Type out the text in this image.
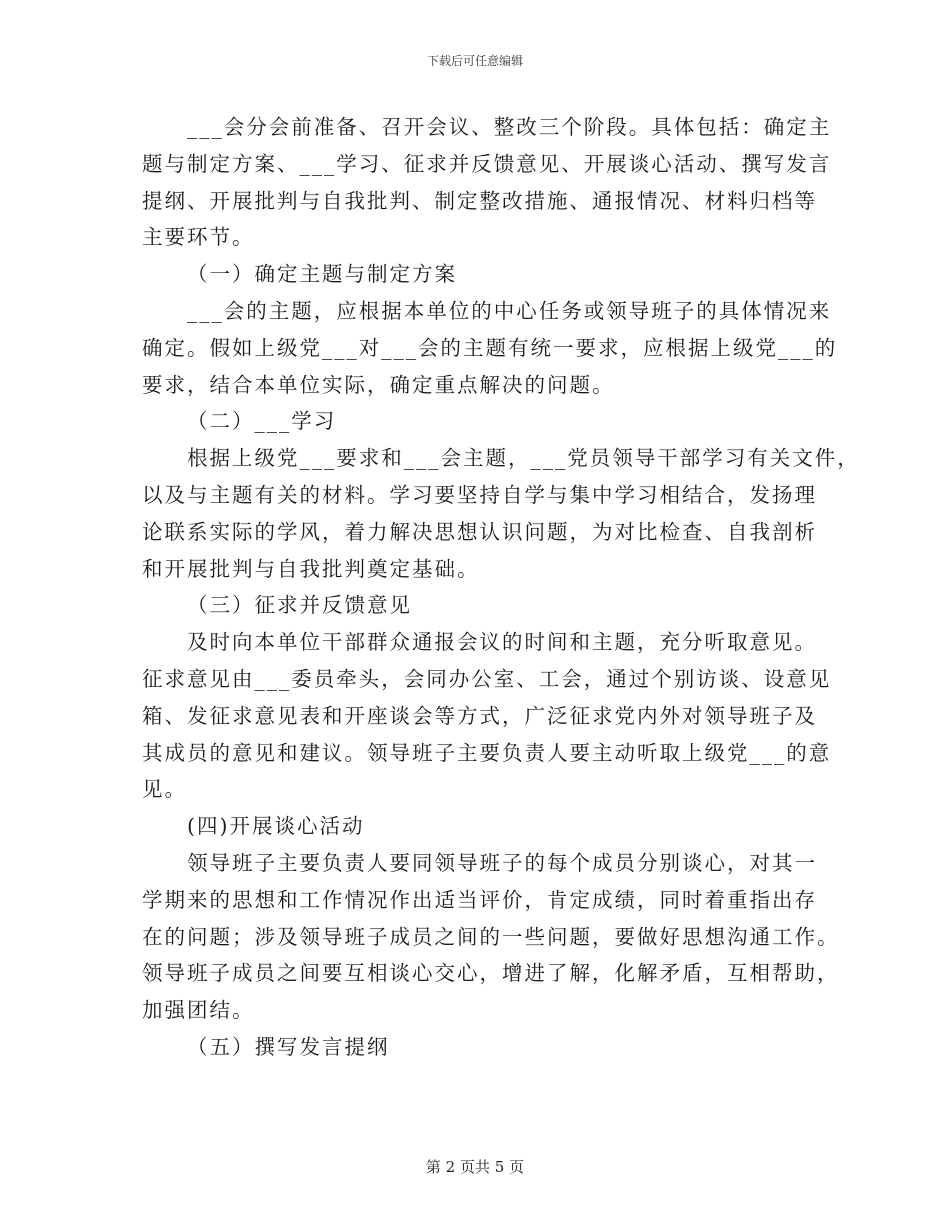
下载后可任意编辑
___会分会前准备、召开会议、整改三个阶段。具体包括：确定主
题与制定方案、___学习、征求并反馈意见、开展谈心活动、撰写发言
提纲、开展批判与自我批判、制定整改措施、通报情况、材料归档等
主要环节。
（一）确定主题与制定方案
___会的主题，应根据本单位的中心任务或领导班子的具体情况来
确定。假如上级党___对___会的主题有统一要求，应根据上级党___的
要求，结合本单位实际，确定重点解决的问题。
（二）___学习
根据上级党___要求和___会主题，___党员领导干部学习有关文件，
以及与主题有关的材料。学习要坚持自学与集中学习相结合，发扬理
论联系实际的学风，着力解决思想认识问题，为对比检查、自我剖析
和开展批判与自我批判奠定基础。
（三）征求并反馈意见
及时向本单位干部群众通报会议的时间和主题，充分听取意见。
征求意见由___委员牵头，会同办公室、工会，通过个别访谈、设意见
箱、发征求意见表和开座谈会等方式，广泛征求党内外对领导班子及
其成员的意见和建议。领导班子主要负责人要主动听取上级党___的意
见。
(四)开展谈心活动
领导班子主要负责人要同领导班子的每个成员分别谈心，对其一
学期来的思想和工作情况作出适当评价，肯定成绩，同时着重指出存
在的问题；涉及领导班子成员之间的一些问题，要做好思想沟通工作。
领导班子成员之间要互相谈心交心，增进了解，化解矛盾，互相帮助，
加强团结。
（五）撰写发言提纲
第 2 页共 5 页
